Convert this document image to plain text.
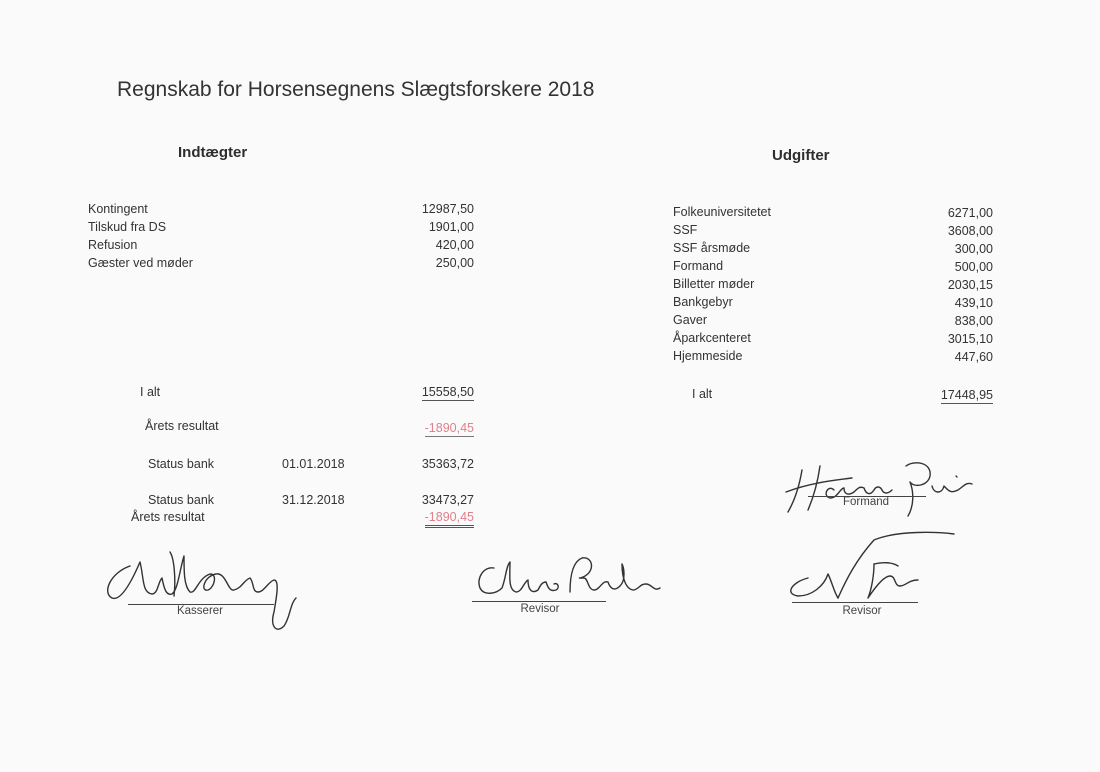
Regnskab for Horsensegnens Slægtsforskere 2018
Indtægter
Kontingent	12987,50
Tilskud fra DS	1901,00
Refusion	420,00
Gæster ved møder	250,00
I alt	15558,50
Årets resultat	-1890,45
Status bank	01.01.2018	35363,72
Status bank	31.12.2018	33473,27
Årets resultat	-1890,45
Udgifter
Folkeuniversitetet	6271,00
SSF	3608,00
SSF årsmøde	300,00
Formand	500,00
Billetter møder	2030,15
Bankgebyr	439,10
Gaver	838,00
Åparkcenteret	3015,10
Hjemmeside	447,60
I alt	17448,95
Kasserer	Revisor
Formand
Revisor
